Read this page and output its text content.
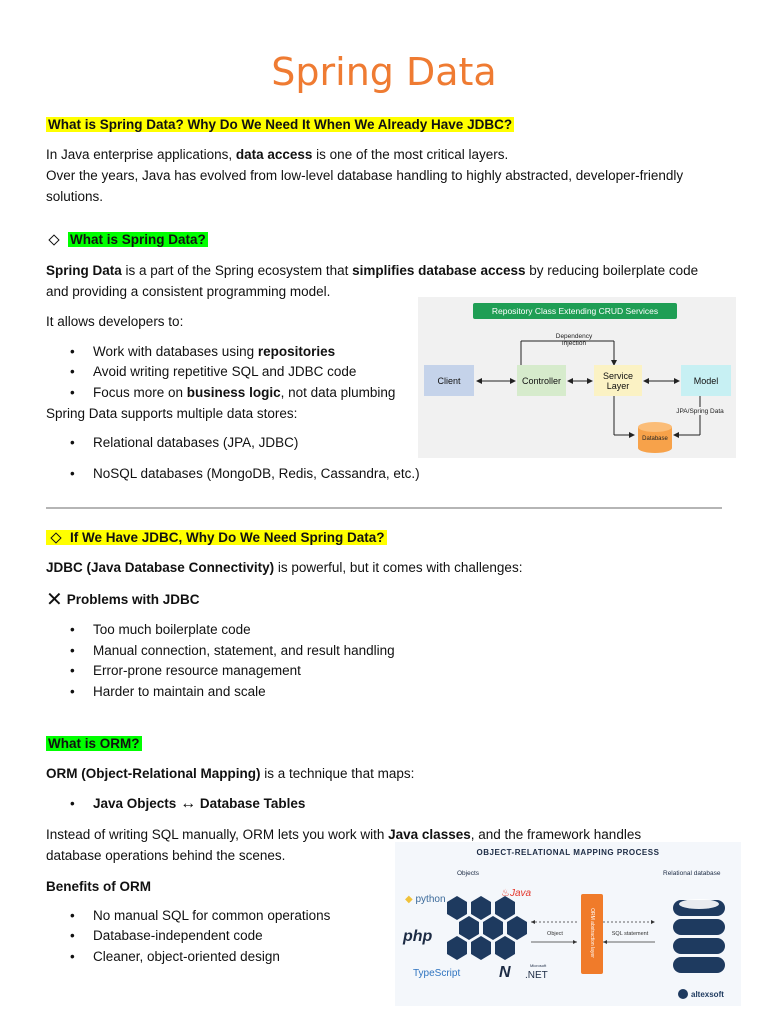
Spring Data
What is Spring Data? Why Do We Need It When We Already Have JDBC?
In Java enterprise applications, data access is one of the most critical layers.
Over the years, Java has evolved from low-level database handling to highly abstracted, developer-friendly
solutions.
What is Spring Data?
Spring Data is a part of the Spring ecosystem that simplifies database access by reducing boilerplate code
and providing a consistent programming model.
It allows developers to:
• Work with databases using repositories
• Avoid writing repetitive SQL and JDBC code
• Focus more on business logic, not data plumbing
Spring Data supports multiple data stores:
• Relational databases (JPA, JDBC)
• NoSQL databases (MongoDB, Redis, Cassandra, etc.)
Repository Class Extending CRUD Services
Dependency Injection
Client	Controller	Service Layer	Model
JPA/Spring Data
Database
If We Have JDBC, Why Do We Need Spring Data?
JDBC (Java Database Connectivity) is powerful, but it comes with challenges:
✕ Problems with JDBC
• Too much boilerplate code
• Manual connection, statement, and result handling
• Error-prone resource management
• Harder to maintain and scale
What is ORM?
ORM (Object-Relational Mapping) is a technique that maps:
• Java Objects ↔ Database Tables
Instead of writing SQL manually, ORM lets you work with Java classes, and the framework handles
database operations behind the scenes.
Benefits of ORM
• No manual SQL for common operations
• Database-independent code
• Cleaner, object-oriented design
OBJECT-RELATIONAL MAPPING PROCESS
Objects	Relational database
◆ python
♨Java
php
TypeScript N	Microsoft
.NET
Object	SQL statement
ORM abstraction layer
altexsoft
